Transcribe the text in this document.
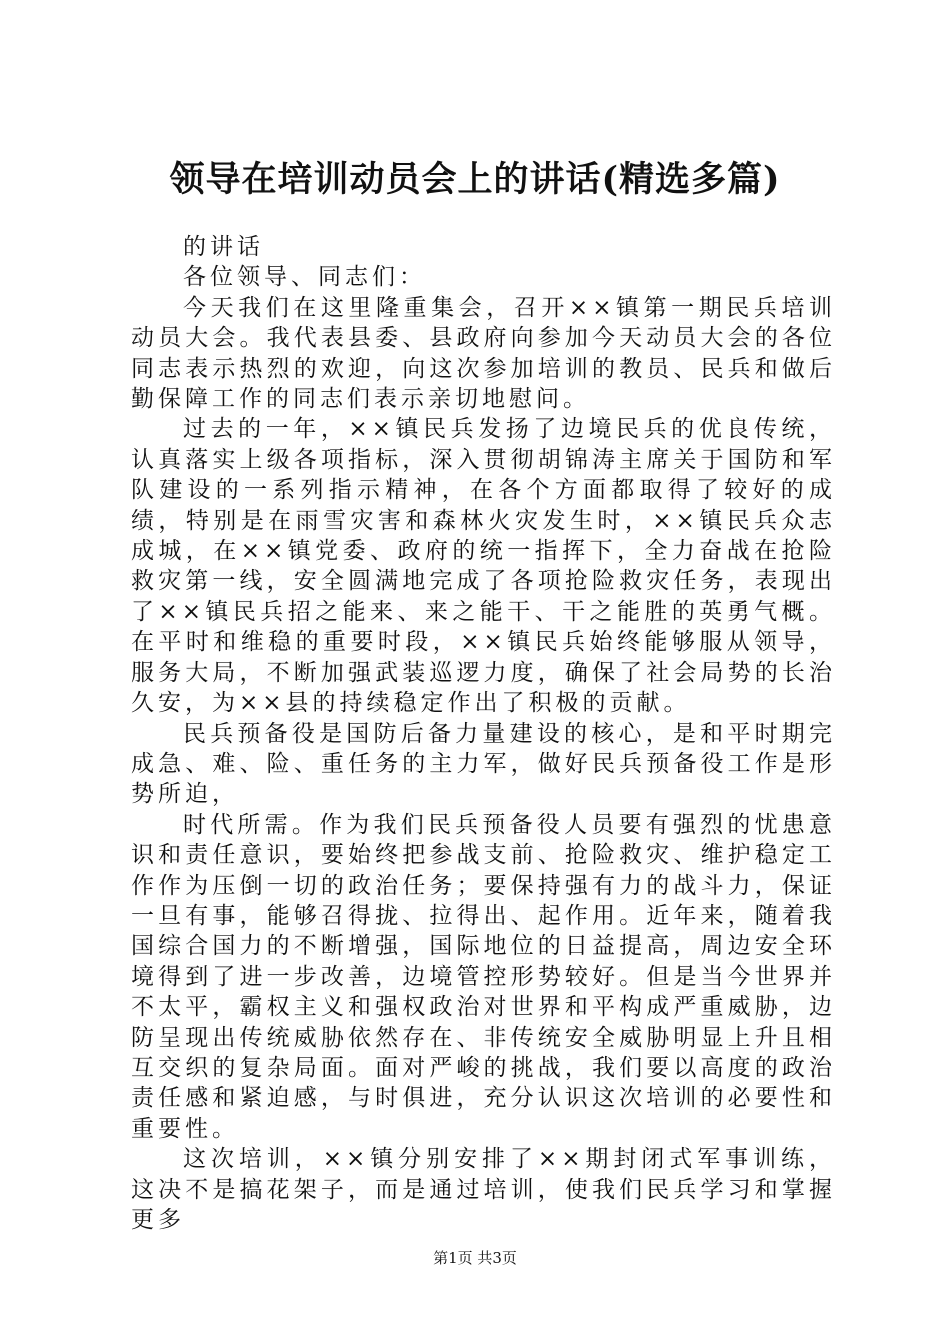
领导在培训动员会上的讲话(精选多篇)

的讲话

各位领导、同志们：

今天我们在这里隆重集会，召开××镇第一期民兵培训动员大会。我代表县委、县政府向参加今天动员大会的各位同志表示热烈的欢迎，向这次参加培训的教员、民兵和做后勤保障工作的同志们表示亲切地慰问。

过去的一年，××镇民兵发扬了边境民兵的优良传统，认真落实上级各项指标，深入贯彻胡锦涛主席关于国防和军队建设的一系列指示精神，在各个方面都取得了较好的成绩，特别是在雨雪灾害和森林火灾发生时，××镇民兵众志成城，在××镇党委、政府的统一指挥下，全力奋战在抢险救灾第一线，安全圆满地完成了各项抢险救灾任务，表现出了××镇民兵招之能来、来之能干、干之能胜的英勇气概。在平时和维稳的重要时段，××镇民兵始终能够服从领导，服务大局，不断加强武装巡逻力度，确保了社会局势的长治久安，为××县的持续稳定作出了积极的贡献。

民兵预备役是国防后备力量建设的核心，是和平时期完成急、难、险、重任务的主力军，做好民兵预备役工作是形势所迫，

时代所需。作为我们民兵预备役人员要有强烈的忧患意识和责任意识，要始终把参战支前、抢险救灾、维护稳定工作作为压倒一切的政治任务；要保持强有力的战斗力，保证一旦有事，能够召得拢、拉得出、起作用。近年来，随着我国综合国力的不断增强，国际地位的日益提高，周边安全环境得到了进一步改善，边境管控形势较好。但是当今世界并不太平，霸权主义和强权政治对世界和平构成严重威胁，边防呈现出传统威胁依然存在、非传统安全威胁明显上升且相互交织的复杂局面。面对严峻的挑战，我们要以高度的政治责任感和紧迫感，与时俱进，充分认识这次培训的必要性和重要性。

这次培训，××镇分别安排了××期封闭式军事训练，这决不是搞花架子，而是通过培训，使我们民兵学习和掌握更多

第1页 共3页
